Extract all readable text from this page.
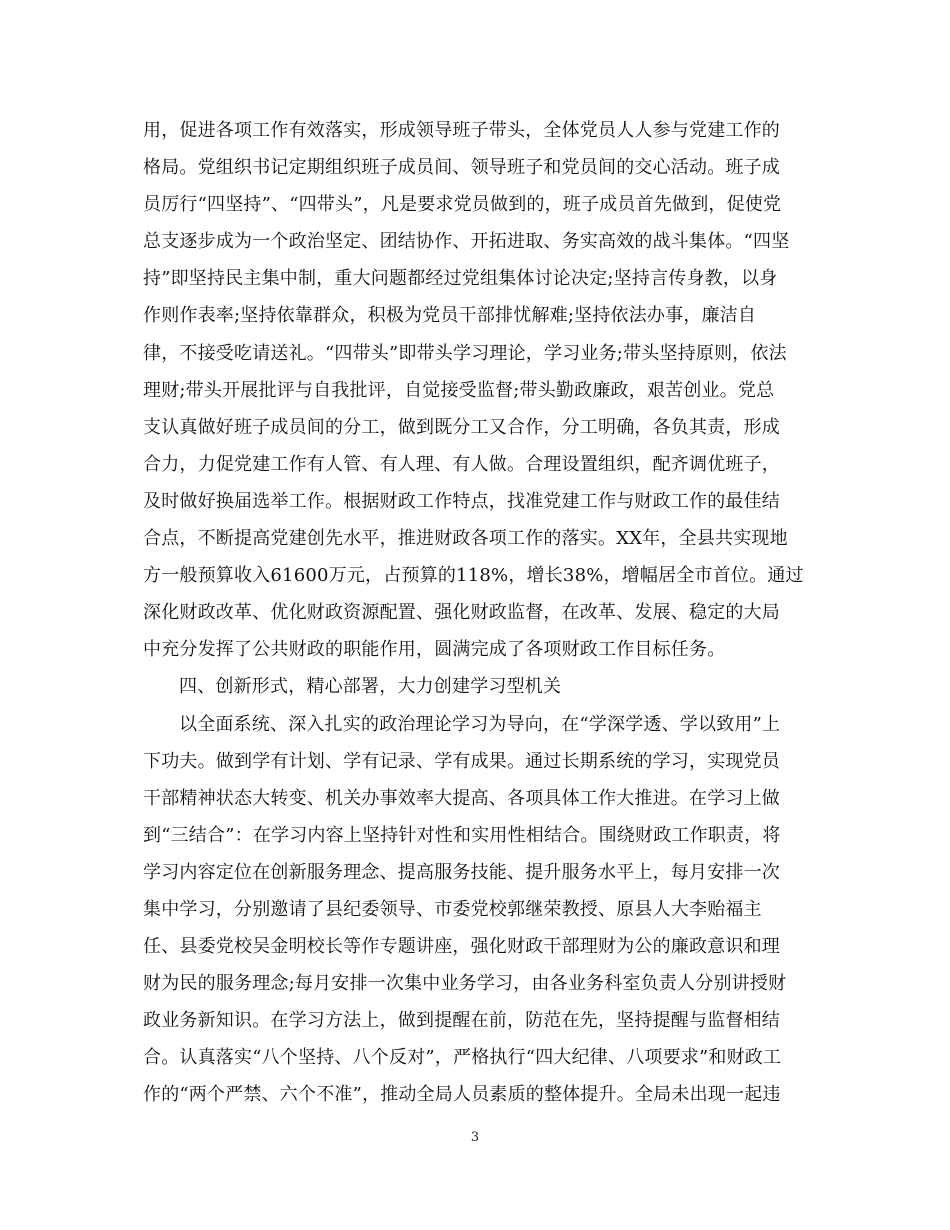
用，促进各项工作有效落实，形成领导班子带头，全体党员人人参与党建工作的
格局。党组织书记定期组织班子成员间、领导班子和党员间的交心活动。班子成
员厉行“四坚持”、“四带头”，凡是要求党员做到的，班子成员首先做到，促使党
总支逐步成为一个政治坚定、团结协作、开拓进取、务实高效的战斗集体。“四坚
持”即坚持民主集中制，重大问题都经过党组集体讨论决定;坚持言传身教，以身
作则作表率;坚持依靠群众，积极为党员干部排忧解难;坚持依法办事，廉洁自
律，不接受吃请送礼。“四带头”即带头学习理论，学习业务;带头坚持原则，依法
理财;带头开展批评与自我批评，自觉接受监督;带头勤政廉政，艰苦创业。党总
支认真做好班子成员间的分工，做到既分工又合作，分工明确，各负其责，形成
合力，力促党建工作有人管、有人理、有人做。合理设置组织，配齐调优班子，
及时做好换届选举工作。根据财政工作特点，找准党建工作与财政工作的最佳结
合点，不断提高党建创先水平，推进财政各项工作的落实。XX年，全县共实现地
方一般预算收入61600万元，占预算的118%，增长38%，增幅居全市首位。通过
深化财政改革、优化财政资源配置、强化财政监督，在改革、发展、稳定的大局
中充分发挥了公共财政的职能作用，圆满完成了各项财政工作目标任务。
四、创新形式，精心部署，大力创建学习型机关
以全面系统、深入扎实的政治理论学习为导向，在“学深学透、学以致用”上
下功夫。做到学有计划、学有记录、学有成果。通过长期系统的学习，实现党员
干部精神状态大转变、机关办事效率大提高、各项具体工作大推进。在学习上做
到“三结合”：在学习内容上坚持针对性和实用性相结合。围绕财政工作职责，将
学习内容定位在创新服务理念、提高服务技能、提升服务水平上，每月安排一次
集中学习，分别邀请了县纪委领导、市委党校郭继荣教授、原县人大李贻福主
任、县委党校吴金明校长等作专题讲座，强化财政干部理财为公的廉政意识和理
财为民的服务理念;每月安排一次集中业务学习，由各业务科室负责人分别讲授财
政业务新知识。在学习方法上，做到提醒在前，防范在先，坚持提醒与监督相结
合。认真落实“八个坚持、八个反对”，严格执行“四大纪律、八项要求”和财政工
作的“两个严禁、六个不准”，推动全局人员素质的整体提升。全局未出现一起违
3
